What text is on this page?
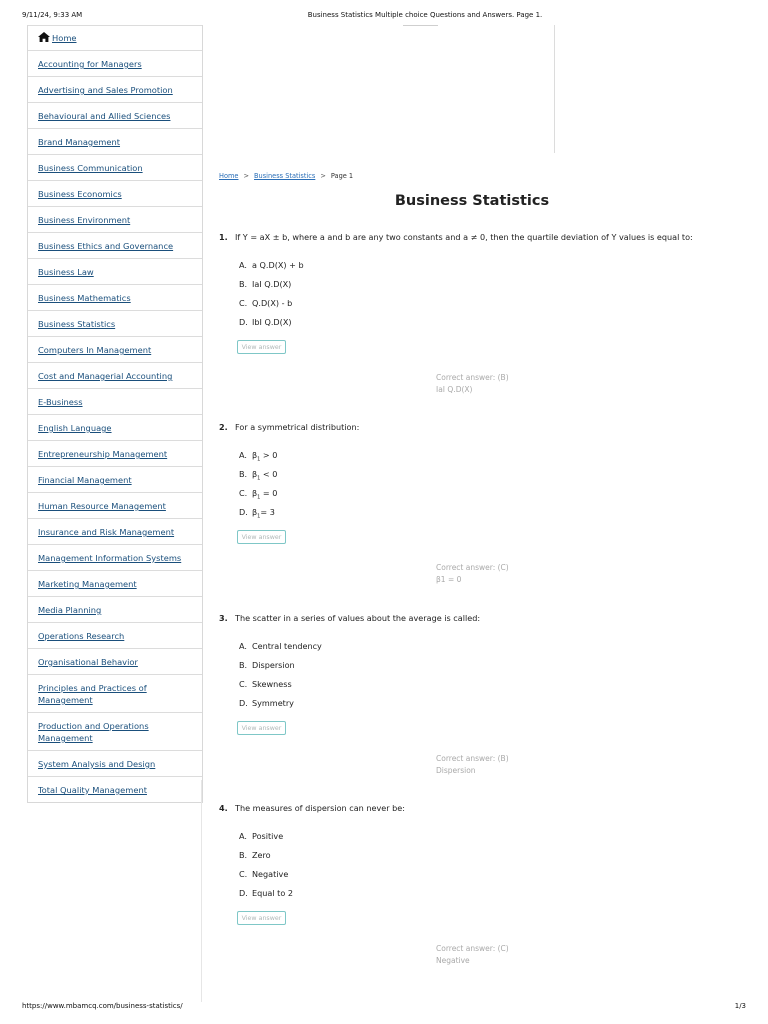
9/11/24, 9:33 AM	Business Statistics Multiple choice Questions and Answers. Page 1.
Home
Accounting for Managers
Advertising and Sales Promotion
Behavioural and Allied Sciences
Brand Management
Business Communication
Business Economics
Business Environment
Business Ethics and Governance
Business Law
Business Mathematics
Business Statistics
Computers In Management
Cost and Managerial Accounting
E-Business
English Language
Entrepreneurship Management
Financial Management
Human Resource Management
Insurance and Risk Management
Management Information Systems
Marketing Management
Media Planning
Operations Research
Organisational Behavior
Principles and Practices of Management
Production and Operations Management
System Analysis and Design
Total Quality Management
Home > Business Statistics > Page 1
Business Statistics
1. If Y = aX ± b, where a and b are any two constants and a ≠ 0, then the quartile deviation of Y values is equal to:
A. a Q.D(X) + b
B. IaI Q.D(X)
C. Q.D(X) - b
D. IbI Q.D(X)
View answer
Correct answer: (B)
IaI Q.D(X)
2. For a symmetrical distribution:
A. $\beta_1 > 0$
B. $\beta_1 < 0$
C. $\beta_1 = 0$
D. $\beta_1= 3$
View answer
Correct answer: (C)
β1 = 0
3. The scatter in a series of values about the average is called:
A. Central tendency
B. Dispersion
C. Skewness
D. Symmetry
View answer
Correct answer: (B)
Dispersion
4. The measures of dispersion can never be:
A. Positive
B. Zero
C. Negative
D. Equal to 2
View answer
Correct answer: (C)
Negative
https://www.mbamcq.com/business-statistics/	1/3
